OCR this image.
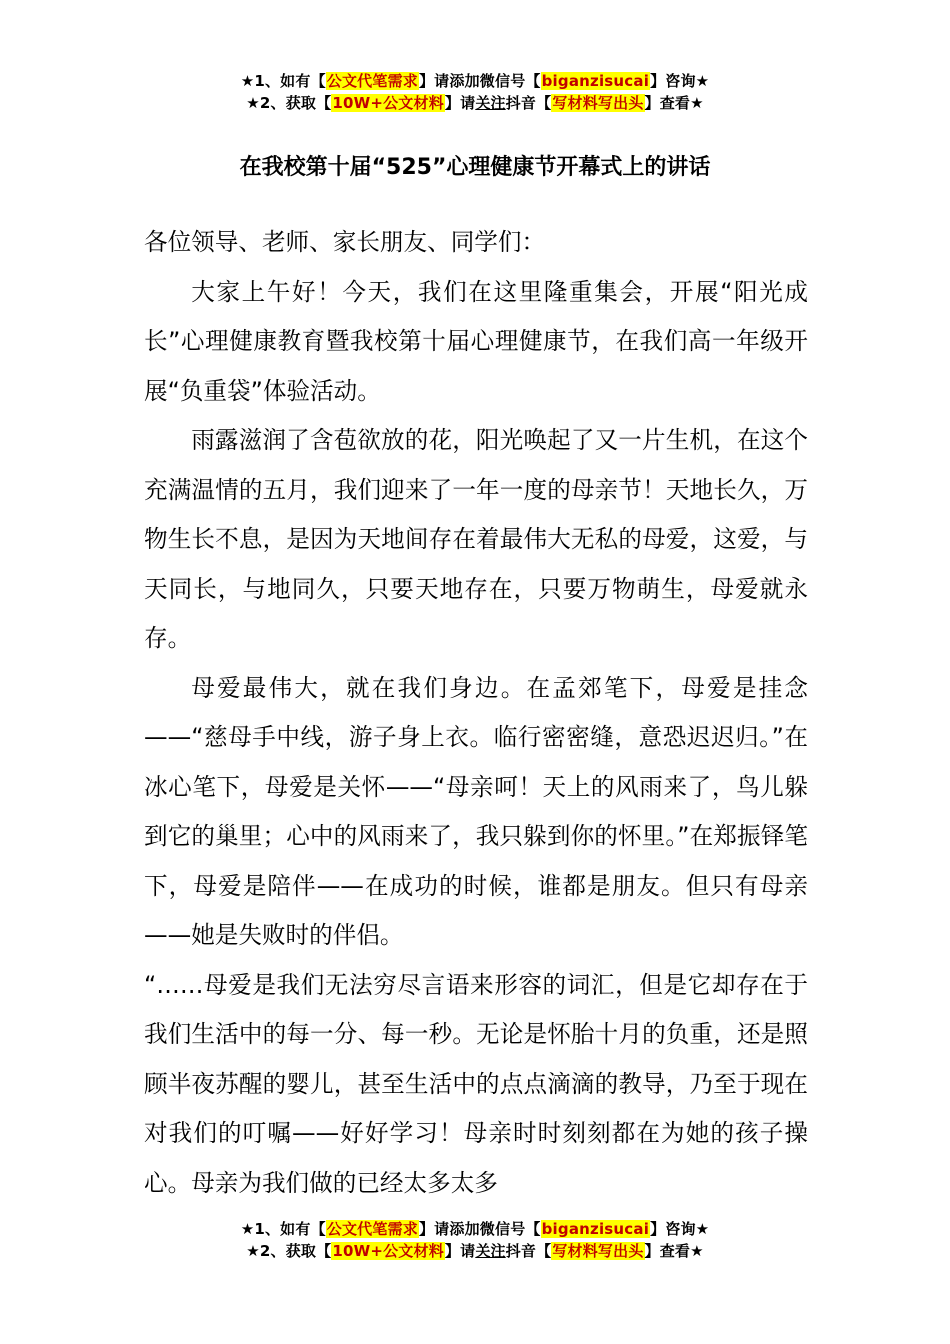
★1、如有【公文代笔需求】请添加微信号【biganzisucai】咨询★
★2、获取【10W+公文材料】请关注抖音【写材料写出头】查看★
在我校第十届“525”心理健康节开幕式上的讲话

各位领导、老师、家长朋友、同学们：

大家上午好！今天，我们在这里隆重集会，开展“阳光成长”心理健康教育暨我校第十届心理健康节，在我们高一年级开展“负重袋”体验活动。

雨露滋润了含苞欲放的花，阳光唤起了又一片生机，在这个充满温情的五月，我们迎来了一年一度的母亲节！天地长久，万物生长不息，是因为天地间存在着最伟大无私的母爱，这爱，与天同长，与地同久，只要天地存在，只要万物萌生，母爱就永存。

母爱最伟大，就在我们身边。在孟郊笔下，母爱是挂念——“慈母手中线，游子身上衣。临行密密缝，意恐迟迟归。”在冰心笔下，母爱是关怀——“母亲呵！天上的风雨来了，鸟儿躲到它的巢里；心中的风雨来了，我只躲到你的怀里。”在郑振铎笔下，母爱是陪伴——在成功的时候，谁都是朋友。但只有母亲——她是失败时的伴侣。

“……母爱是我们无法穷尽言语来形容的词汇，但是它却存在于我们生活中的每一分、每一秒。无论是怀胎十月的负重，还是照顾半夜苏醒的婴儿，甚至生活中的点点滴滴的教导，乃至于现在对我们的叮嘱——好好学习！母亲时时刻刻都在为她的孩子操心。母亲为我们做的已经太多太多

★1、如有【公文代笔需求】请添加微信号【biganzisucai】咨询★
★2、获取【10W+公文材料】请关注抖音【写材料写出头】查看★
